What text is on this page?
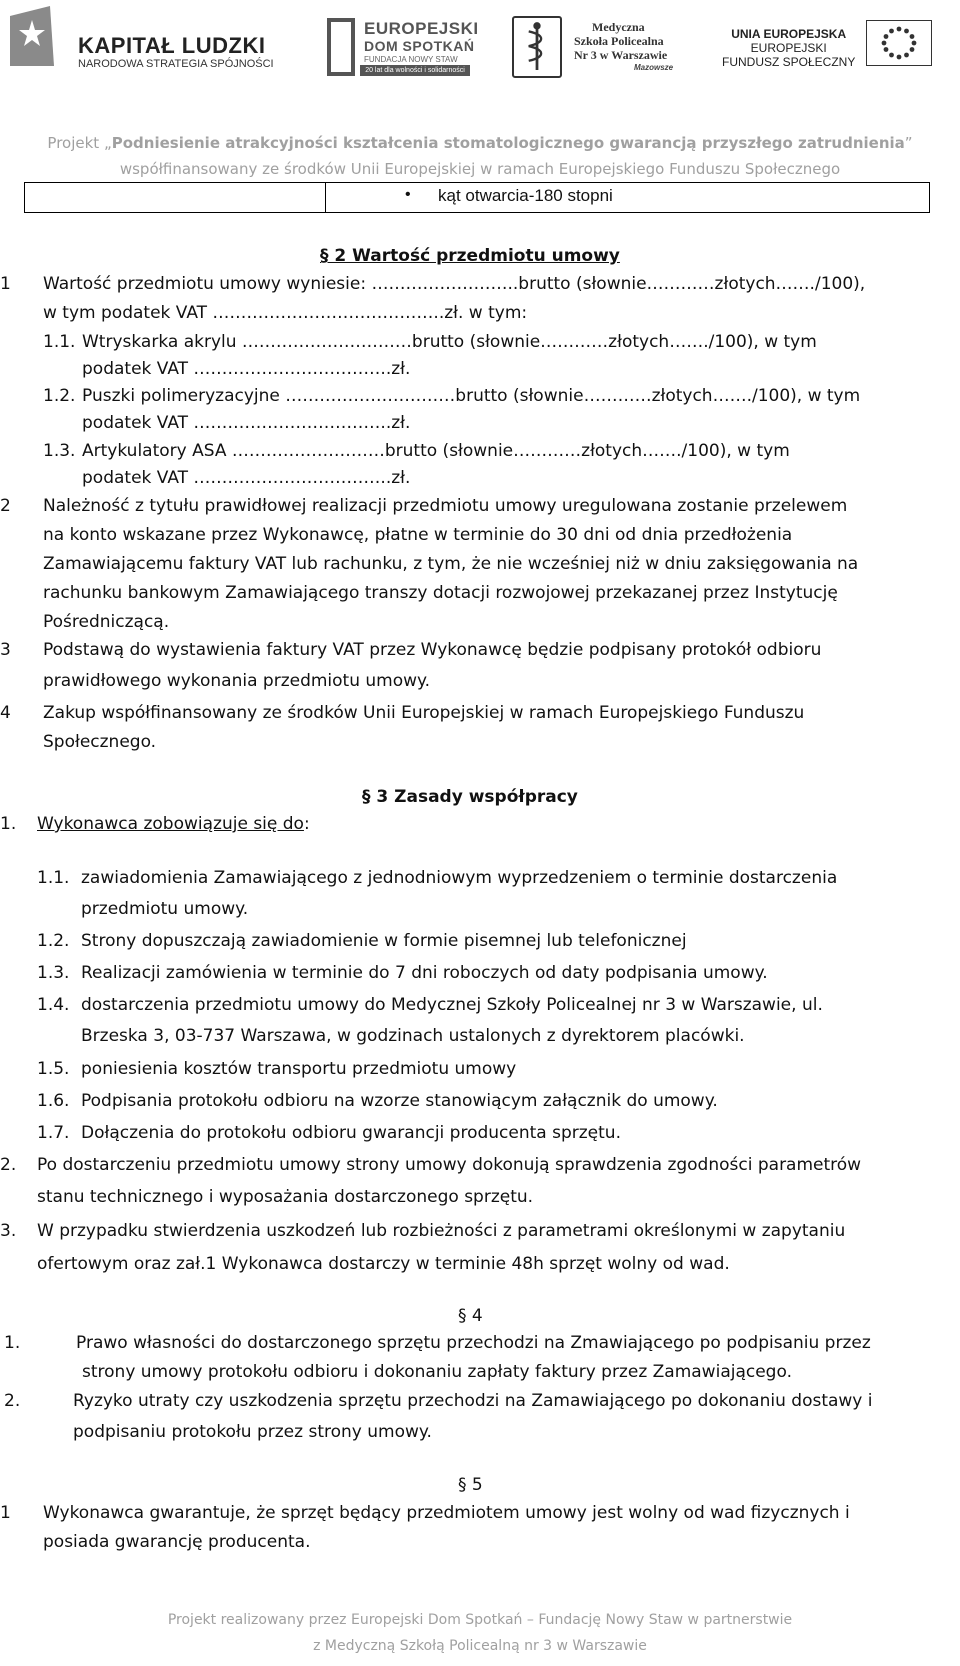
KAPITAŁ LUDZKI
NARODOWA STRATEGIA SPÓJNOŚCI
EUROPEJSKI
DOM SPOTKAŃ
FUNDACJA NOWY STAW
20 lat dla wolności i solidarności
Medyczna
Szkoła Policealna
Nr 3 w Warszawie
Mazowsze
UNIA EUROPEJSKA
EUROPEJSKI
FUNDUSZ SPOŁECZNY
Projekt „Podniesienie atrakcyjności kształcenia stomatologicznego gwarancją przyszłego zatrudnienia”
współfinansowany ze środków Unii Europejskiej w ramach Europejskiego Funduszu Społecznego
• kąt otwarcia-180 stopni
§ 2 Wartość przedmiotu umowy
1 Wartość przedmiotu umowy wyniesie: ……………………..brutto (słownie…………złotych……./100),
w tym podatek VAT …………………………………..zł. w tym:
1.1. Wtryskarka akrylu …………………………brutto (słownie…………złotych……./100), w tym
podatek VAT ……………………………..zł.
1.2. Puszki polimeryzacyjne …………………………brutto (słownie…………złotych……./100), w tym
podatek VAT ……………………………..zł.
1.3. Artykulatory ASA ………………………brutto (słownie…………złotych……./100), w tym
podatek VAT ……………………………..zł.
2 Należność z tytułu prawidłowej realizacji przedmiotu umowy uregulowana zostanie przelewem
na konto wskazane przez Wykonawcę, płatne w terminie do 30 dni od dnia przedłożenia
Zamawiającemu faktury VAT lub rachunku, z tym, że nie wcześniej niż w dniu zaksięgowania na
rachunku bankowym Zamawiającego transzy dotacji rozwojowej przekazanej przez Instytucję
Pośredniczącą.
3 Podstawą do wystawienia faktury VAT przez Wykonawcę będzie podpisany protokół odbioru
prawidłowego wykonania przedmiotu umowy.
4 Zakup współfinansowany ze środków Unii Europejskiej w ramach Europejskiego Funduszu
Społecznego.
§ 3 Zasady współpracy
1. Wykonawca zobowiązuje się do:
1.1. zawiadomienia Zamawiającego z jednodniowym wyprzedzeniem o terminie dostarczenia
przedmiotu umowy.
1.2. Strony dopuszczają zawiadomienie w formie pisemnej lub telefonicznej
1.3. Realizacji zamówienia w terminie do 7 dni roboczych od daty podpisania umowy.
1.4. dostarczenia przedmiotu umowy do Medycznej Szkoły Policealnej nr 3 w Warszawie, ul.
Brzeska 3, 03-737 Warszawa, w godzinach ustalonych z dyrektorem placówki.
1.5. poniesienia kosztów transportu przedmiotu umowy
1.6. Podpisania protokołu odbioru na wzorze stanowiącym załącznik do umowy.
1.7. Dołączenia do protokołu odbioru gwarancji producenta sprzętu.
2. Po dostarczeniu przedmiotu umowy strony umowy dokonują sprawdzenia zgodności parametrów
stanu technicznego i wyposażania dostarczonego sprzętu.
3. W przypadku stwierdzenia uszkodzeń lub rozbieżności z parametrami określonymi w zapytaniu
ofertowym oraz zał.1 Wykonawca dostarczy w terminie 48h sprzęt wolny od wad.
§ 4
1.	Prawo własności do dostarczonego sprzętu przechodzi na Zmawiającego po podpisaniu przez
strony umowy protokołu odbioru i dokonaniu zapłaty faktury przez Zamawiającego.
2.	Ryzyko utraty czy uszkodzenia sprzętu przechodzi na Zamawiającego po dokonaniu dostawy i
podpisaniu protokołu przez strony umowy.
§ 5
1 Wykonawca gwarantuje, że sprzęt będący przedmiotem umowy jest wolny od wad fizycznych i
posiada gwarancję producenta.
Projekt realizowany przez Europejski Dom Spotkań – Fundację Nowy Staw w partnerstwie
z Medyczną Szkołą Policealną nr 3 w Warszawie
